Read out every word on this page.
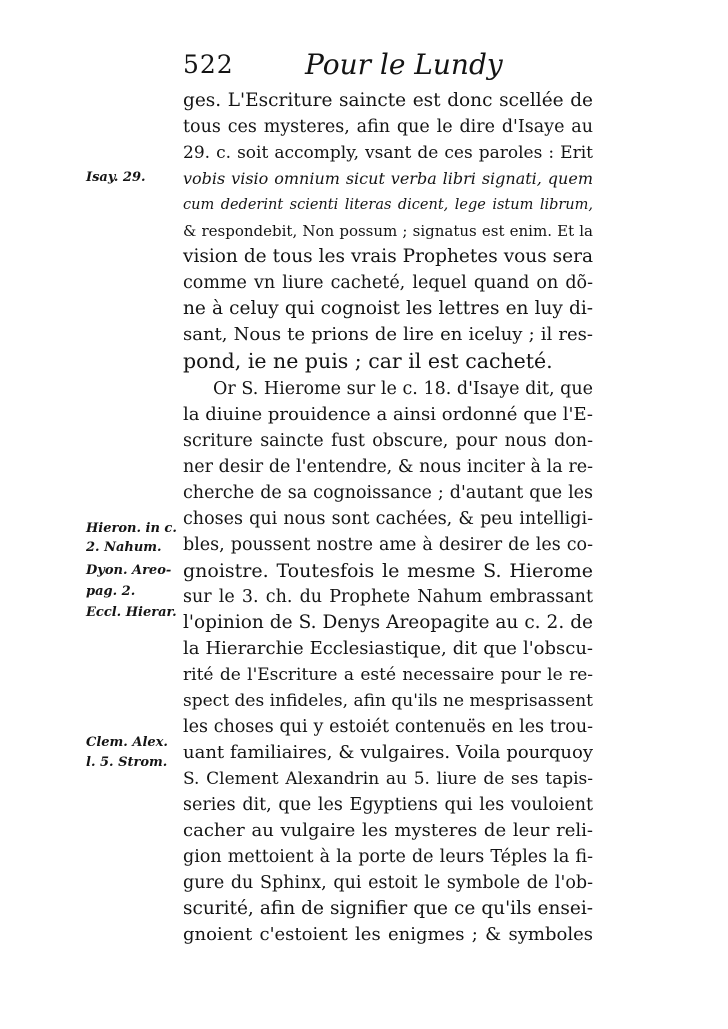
522	Pour le Lundy
ges. L'Escriture saincte est donc scellée de
tous ces mysteres, afin que le dire d'Isaye au
29. c. soit accomply, vsant de ces paroles : Erit
vobis visio omnium sicut verba libri signati, quem
cum dederint scienti literas dicent, lege istum librum,
& respondebit, Non possum ; signatus est enim. Et la
vision de tous les vrais Prophetes vous sera
comme vn liure cacheté, lequel quand on dõ-
ne à celuy qui cognoist les lettres en luy di-
sant, Nous te prions de lire en iceluy ; il res-
pond, ie ne puis ; car il est cacheté.
Or S. Hierome sur le c. 18. d'Isaye dit, que
la diuine prouidence a ainsi ordonné que l'E-
scriture saincte fust obscure, pour nous don-
ner desir de l'entendre, & nous inciter à la re-
cherche de sa cognoissance ; d'autant que les
choses qui nous sont cachées, & peu intelligi-
bles, poussent nostre ame à desirer de les co-
gnoistre. Toutesfois le mesme S. Hierome
sur le 3. ch. du Prophete Nahum embrassant
l'opinion de S. Denys Areopagite au c. 2. de
la Hierarchie Ecclesiastique, dit que l'obscu-
rité de l'Escriture a esté necessaire pour le re-
spect des infideles, afin qu'ils ne mesprisassent
les choses qui y estoiét contenuës en les trou-
uant familiaires, & vulgaires. Voila pourquoy
S. Clement Alexandrin au 5. liure de ses tapis-
series dit, que les Egyptiens qui les vouloient
cacher au vulgaire les mysteres de leur reli-
gion mettoient à la porte de leurs Téples la fi-
gure du Sphinx, qui estoit le symbole de l'ob-
scurité, afin de signifier que ce qu'ils ensei-
gnoient c'estoient les enigmes ; & symboles
Isay. 29.
Hieron. in c.
2. Nahum.
Dyon. Areo-
pag. 2.
Eccl. Hierar.
Clem. Alex.
l. 5. Strom.
